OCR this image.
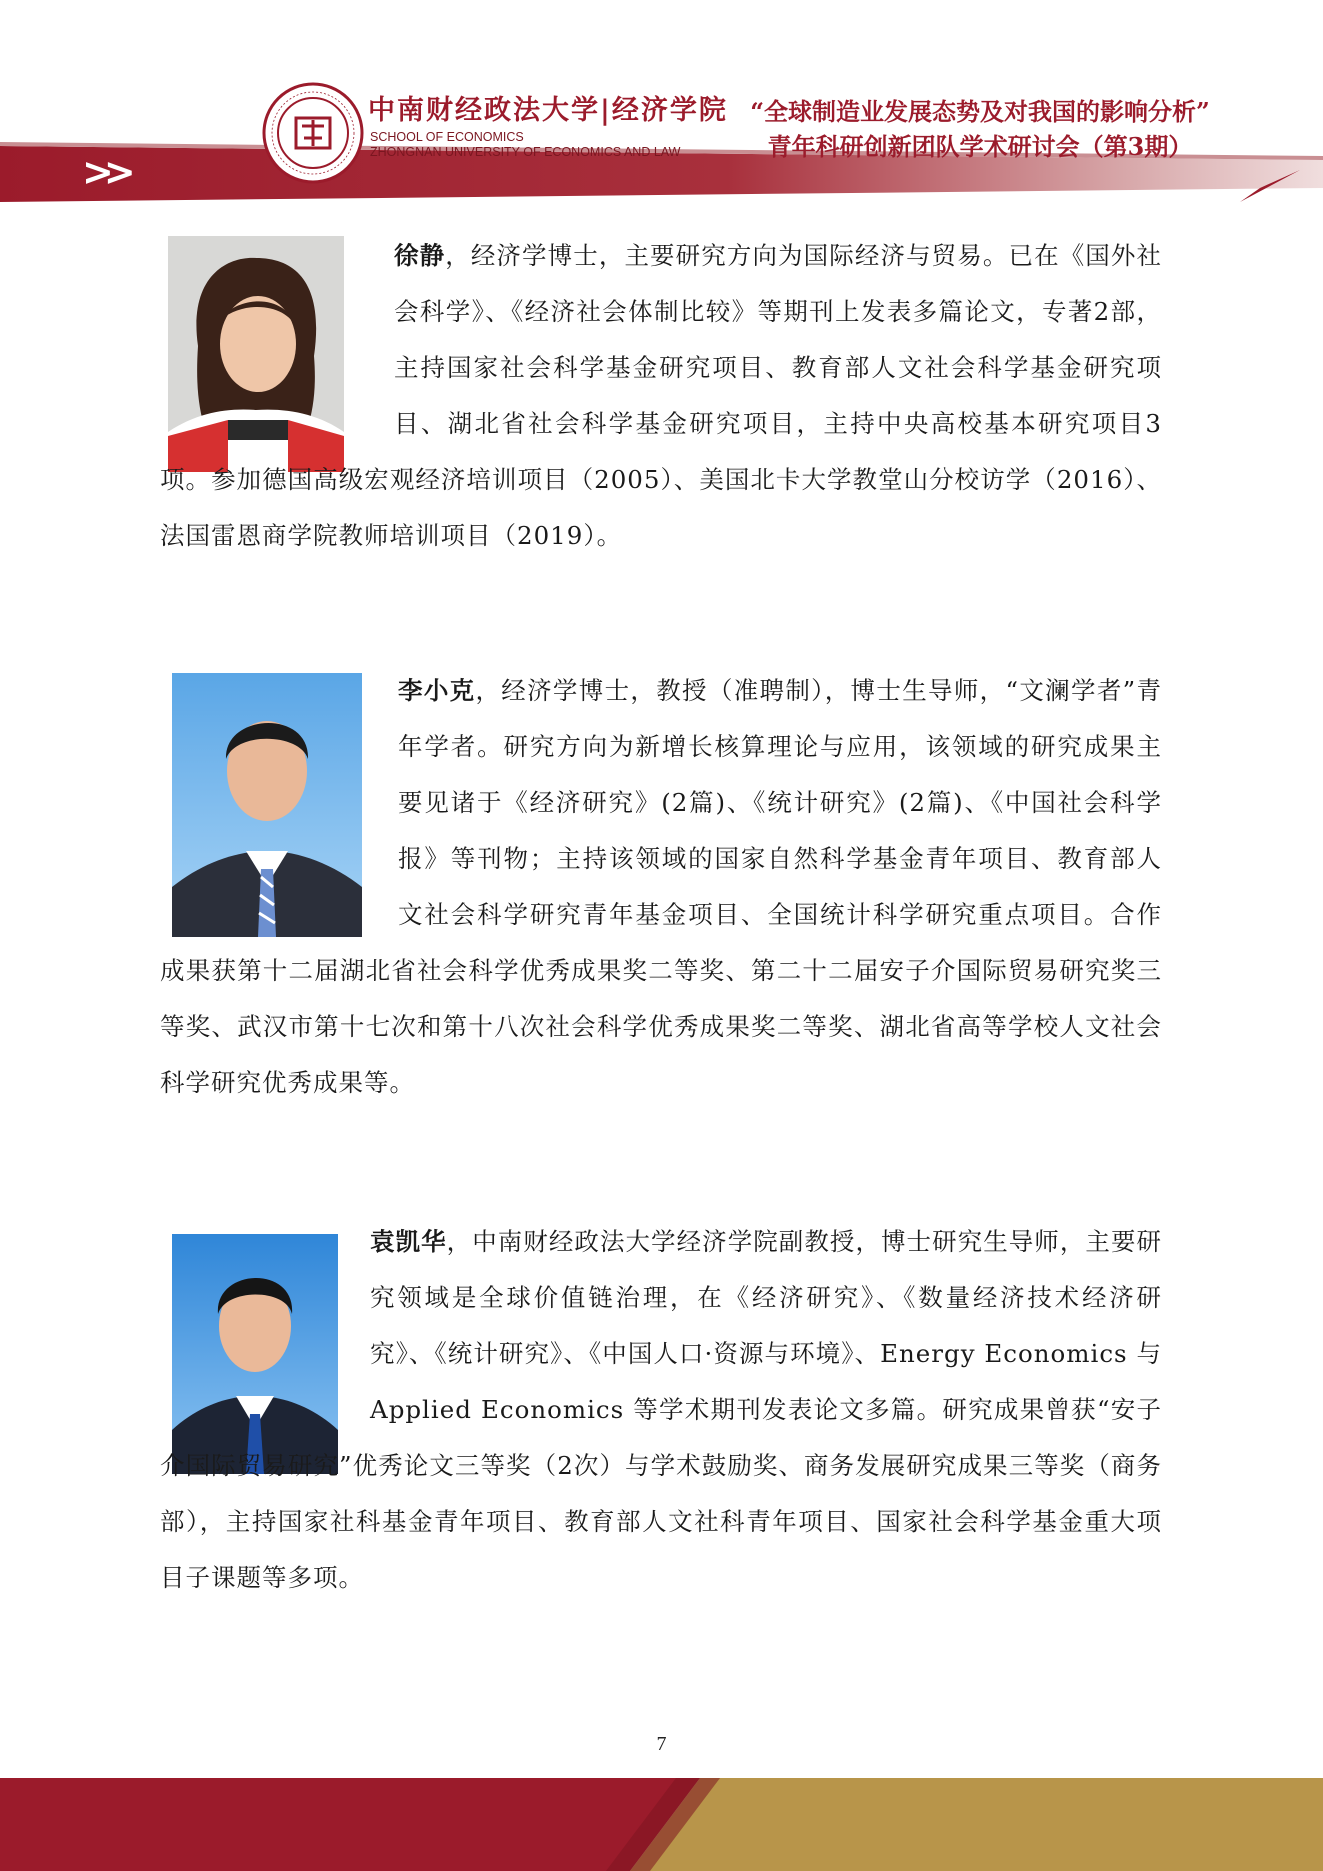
>>
中南财经政法大学|经济学院
SCHOOL OF ECONOMICS
ZHONGNAN UNIVERSITY OF ECONOMICS AND LAW
“全球制造业发展态势及对我国的影响分析”
青年科研创新团队学术研讨会（第3期）
徐静，经济学博士，主要研究方向为国际经济与贸易。已在《国外社会科学》、《经济社会体制比较》等期刊上发表多篇论文，专著2部，主持国家社会科学基金研究项目、教育部人文社会科学基金研究项目、湖北省社会科学基金研究项目，主持中央高校基本研究项目3项。参加德国高级宏观经济培训项目（2005）、美国北卡大学教堂山分校访学（2016）、法国雷恩商学院教师培训项目（2019）。
李小克，经济学博士，教授（准聘制），博士生导师，“文澜学者”青年学者。研究方向为新增长核算理论与应用，该领域的研究成果主要见诸于《经济研究》(2篇)、《统计研究》(2篇)、《中国社会科学报》等刊物；主持该领域的国家自然科学基金青年项目、教育部人文社会科学研究青年基金项目、全国统计科学研究重点项目。合作成果获第十二届湖北省社会科学优秀成果奖二等奖、第二十二届安子介国际贸易研究奖三等奖、武汉市第十七次和第十八次社会科学优秀成果奖二等奖、湖北省高等学校人文社会科学研究优秀成果等。
袁凯华，中南财经政法大学经济学院副教授，博士研究生导师，主要研究领域是全球价值链治理，在《经济研究》、《数量经济技术经济研究》、《统计研究》、《中国人口·资源与环境》、Energy Economics 与 Applied Economics 等学术期刊发表论文多篇。研究成果曾获“安子介国际贸易研究”优秀论文三等奖（2次）与学术鼓励奖、商务发展研究成果三等奖（商务部），主持国家社科基金青年项目、教育部人文社科青年项目、国家社会科学基金重大项目子课题等多项。
7
